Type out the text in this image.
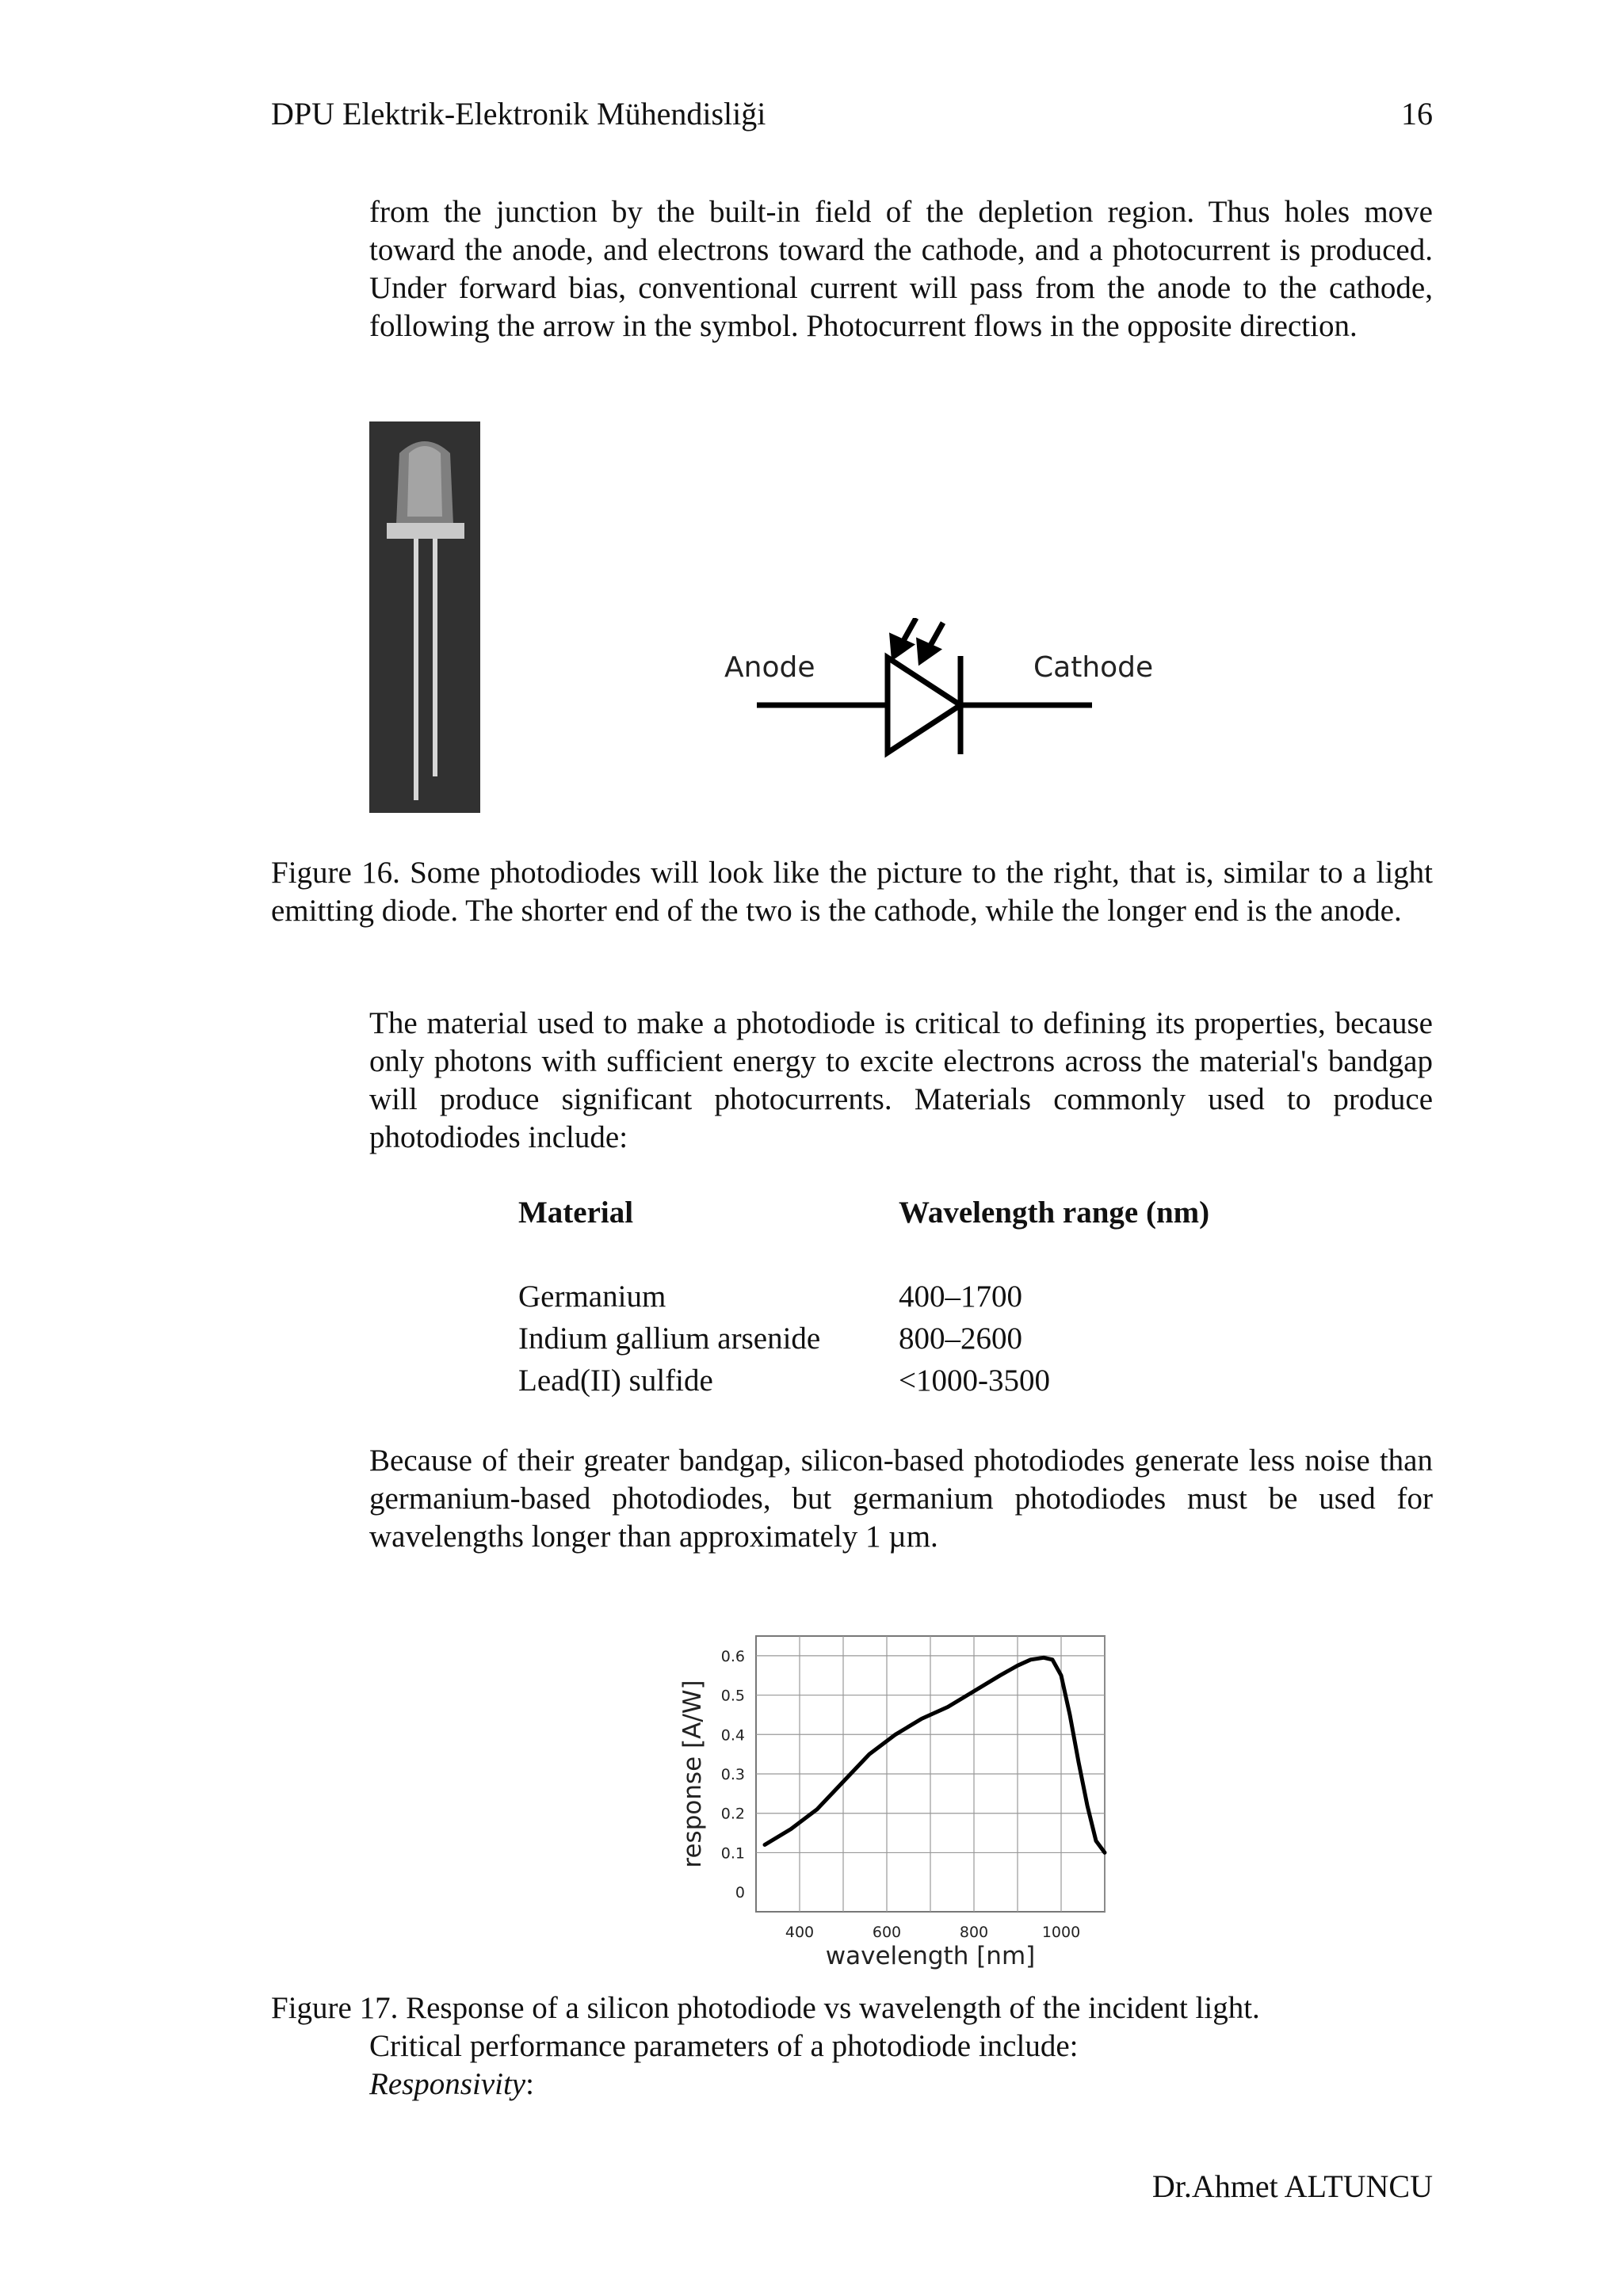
DPU Elektrik-Elektronik Mühendisliği	16
from the junction by the built-in field of the depletion region. Thus holes move toward the anode, and electrons toward the cathode, and a photocurrent is produced. Under forward bias, conventional current will pass from the anode to the cathode, following the arrow in the symbol. Photocurrent flows in the opposite direction.
Anode	Cathode
Figure 16. Some photodiodes will look like the picture to the right, that is, similar to a light emitting diode. The shorter end of the two is the cathode, while the longer end is the anode.
The material used to make a photodiode is critical to defining its properties, because only photons with sufficient energy to excite electrons across the material's bandgap will produce significant photocurrents. Materials commonly used to produce photodiodes include:
Material	Wavelength range (nm)

Germanium	400–1700
Indium gallium arsenide	800–2600
Lead(II) sulfide	<1000-3500
Because of their greater bandgap, silicon-based photodiodes generate less noise than germanium-based photodiodes, but germanium photodiodes must be used for wavelengths longer than approximately 1 µm.
400	600	800	1000
0
0.1
0.2
0.3
0.4
0.5
0.6
wavelength [nm]
response [A/W]
Figure 17. Response of a silicon photodiode vs wavelength of the incident light.
Critical performance parameters of a photodiode include:
Responsivity:
Dr.Ahmet ALTUNCU
